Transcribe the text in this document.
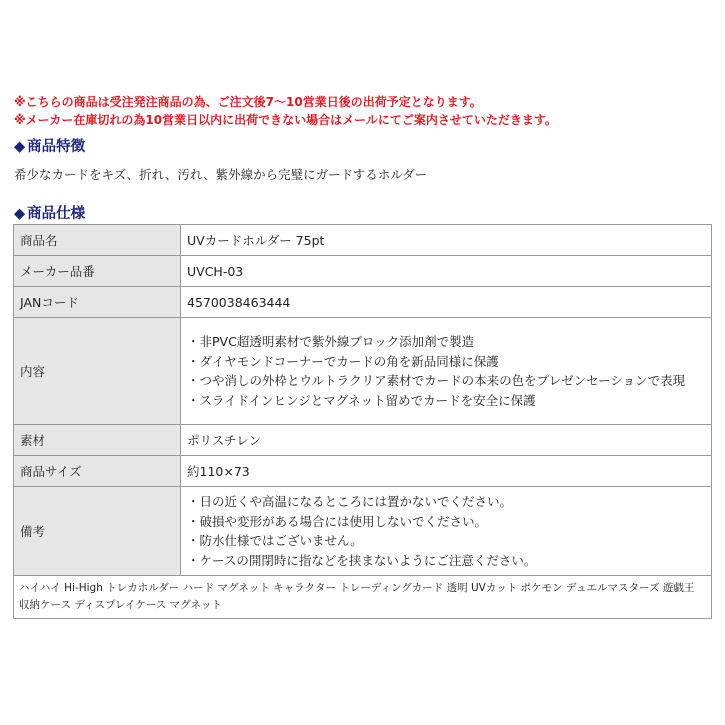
※こちらの商品は受注発注商品の為、ご注文後7～10営業日後の出荷予定となります。
※メーカー在庫切れの為10営業日以内に出荷できない場合はメールにてご案内させていただきます。
◆ 商品特徴
希少なカードをキズ、折れ、汚れ、紫外線から完璧にガードするホルダー
◆ 商品仕様
商品名	UVカードホルダー 75pt
メーカー品番	UVCH-03
JANコード	4570038463444
内容	・非PVC超透明素材で紫外線ブロック添加剤で製造
・ダイヤモンドコーナーでカードの角を新品同様に保護
・つや消しの外枠とウルトラクリア素材でカードの本来の色をプレゼンセーションで表現
・スライドインヒンジとマグネット留めでカードを安全に保護

素材	ポリスチレン
商品サイズ	約110×73
備考	・日の近くや高温になるところには置かないでください。
・破損や変形がある場合には使用しないでください。
・防水仕様ではございません。
・ケースの開閉時に指などを挟まないようにご注意ください。

ハイハイ Hi-High トレカホルダー ハード マグネット キャラクター トレーディングカード 透明 UVカット ポケモン デュエルマスターズ 遊戯王 収納ケース ディスプレイケース マグネット	
